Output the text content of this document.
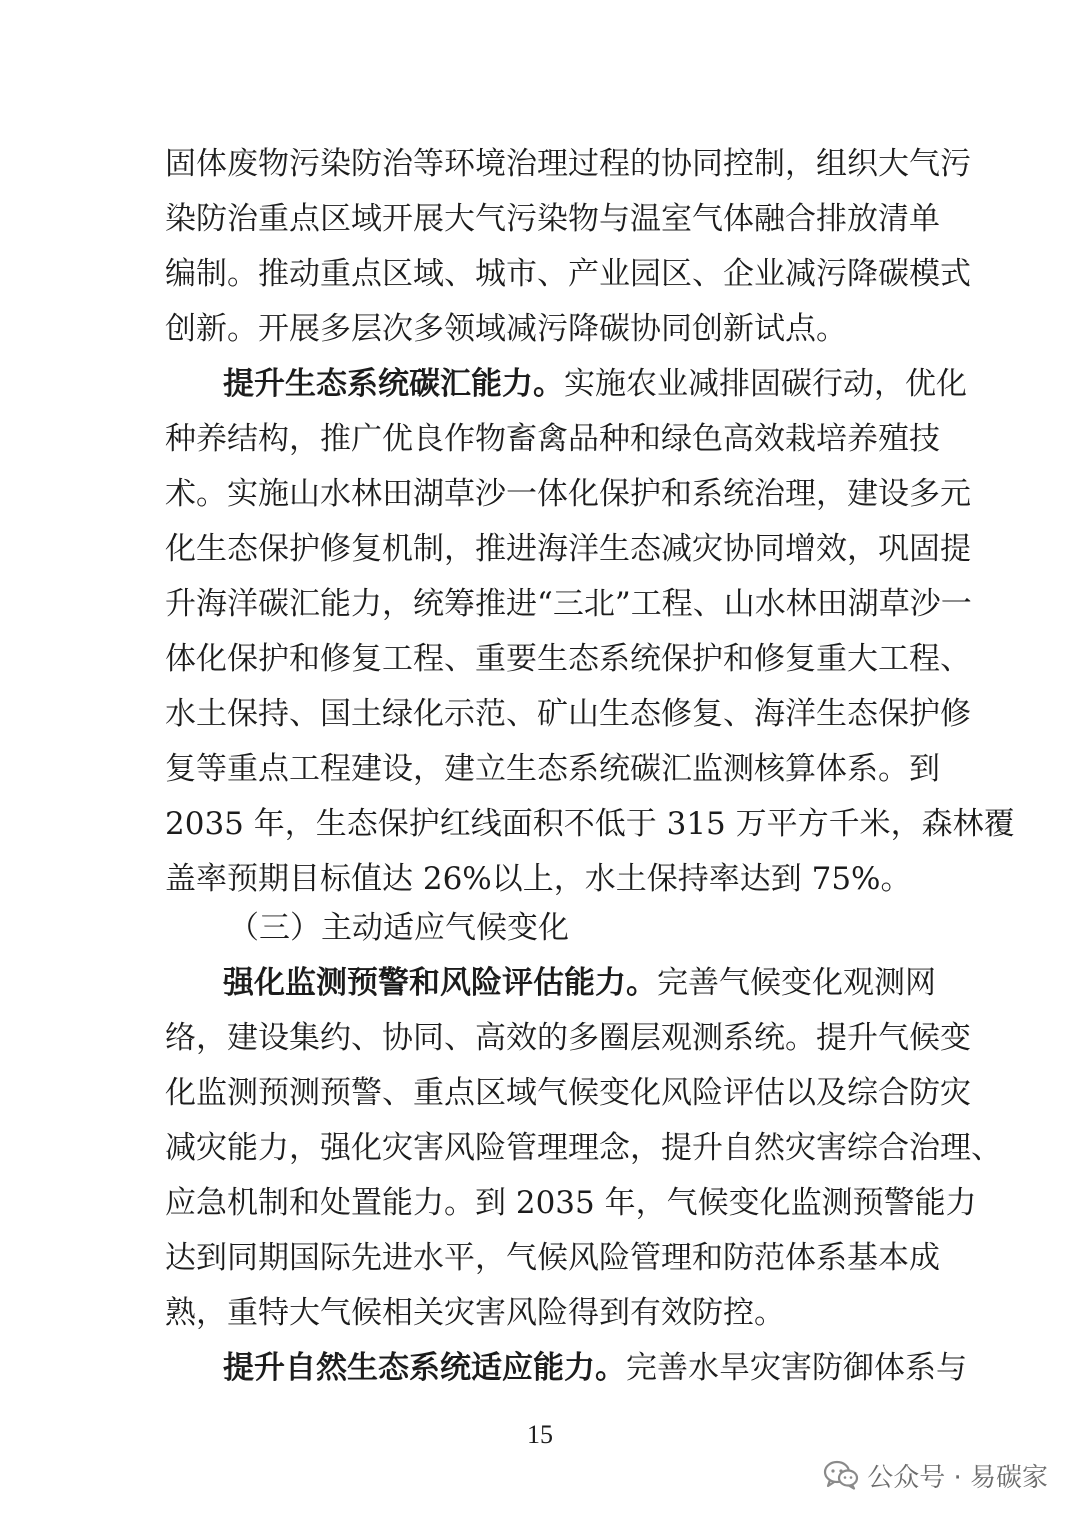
固体废物污染防治等环境治理过程的协同控制，组织大气污
染防治重点区域开展大气污染物与温室气体融合排放清单
编制。推动重点区域、城市、产业园区、企业减污降碳模式
创新。开展多层次多领域减污降碳协同创新试点。
提升生态系统碳汇能力。实施农业减排固碳行动，优化
种养结构，推广优良作物畜禽品种和绿色高效栽培养殖技
术。实施山水林田湖草沙一体化保护和系统治理，建设多元
化生态保护修复机制，推进海洋生态减灾协同增效，巩固提
升海洋碳汇能力，统筹推进“三北”工程、山水林田湖草沙一
体化保护和修复工程、重要生态系统保护和修复重大工程、
水土保持、国土绿化示范、矿山生态修复、海洋生态保护修
复等重点工程建设，建立生态系统碳汇监测核算体系。到
2035 年，生态保护红线面积不低于 315 万平方千米，森林覆
盖率预期目标值达 26%以上，水土保持率达到 75%。
（三）主动适应气候变化
强化监测预警和风险评估能力。完善气候变化观测网
络，建设集约、协同、高效的多圈层观测系统。提升气候变
化监测预测预警、重点区域气候变化风险评估以及综合防灾
减灾能力，强化灾害风险管理理念，提升自然灾害综合治理、
应急机制和处置能力。到 2035 年，气候变化监测预警能力
达到同期国际先进水平，气候风险管理和防范体系基本成
熟，重特大气候相关灾害风险得到有效防控。
提升自然生态系统适应能力。完善水旱灾害防御体系与
15
公众号 · 易碳家
